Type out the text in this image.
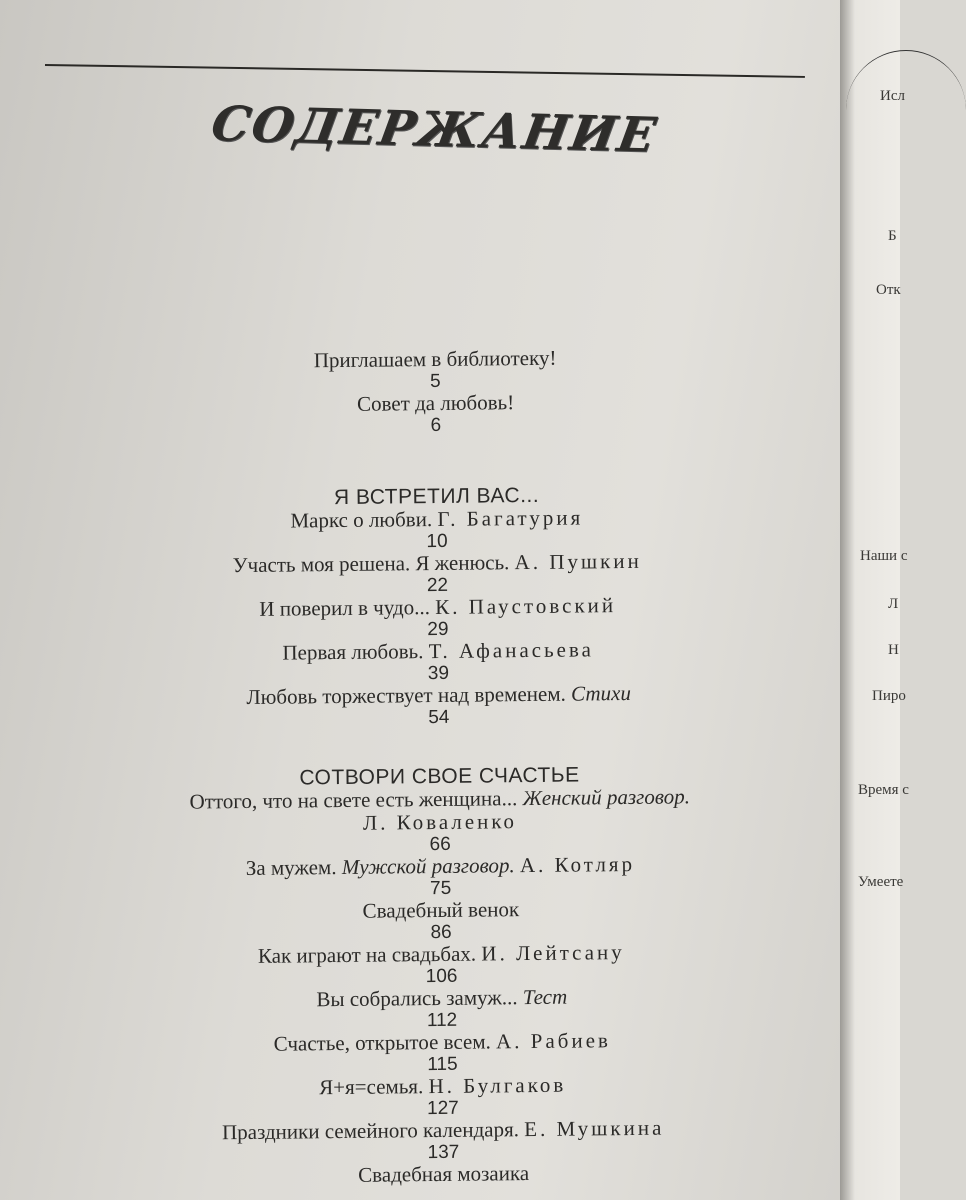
СОДЕРЖАНИЕ
Приглашаем в библиотеку!
5
Совет да любовь!
6
Я ВСТРЕТИЛ ВАС...
Маркс о любви. Г. Багатурия
10
Участь моя решена. Я женюсь. А. Пушкин
22
И поверил в чудо... К. Паустовский
29
Первая любовь. Т. Афанасьева
39
Любовь торжествует над временем. Стихи
54
СОТВОРИ СВОЕ СЧАСТЬЕ
Оттого, что на свете есть женщина... Женский разговор.
Л. Коваленко
66
За мужем. Мужской разговор. А. Котляр
75
Свадебный венок
86
Как играют на свадьбах. И. Лейтсану
106
Вы собрались замуж... Тест
112
Счастье, открытое всем. А. Рабиев
115
Я+я=семья. Н. Булгаков
127
Праздники семейного календаря. Е. Мушкина
137
Свадебная мозаика
Исл
Б
Отк
Наши с
Л
Н
Пиро
Время с
Умеете
